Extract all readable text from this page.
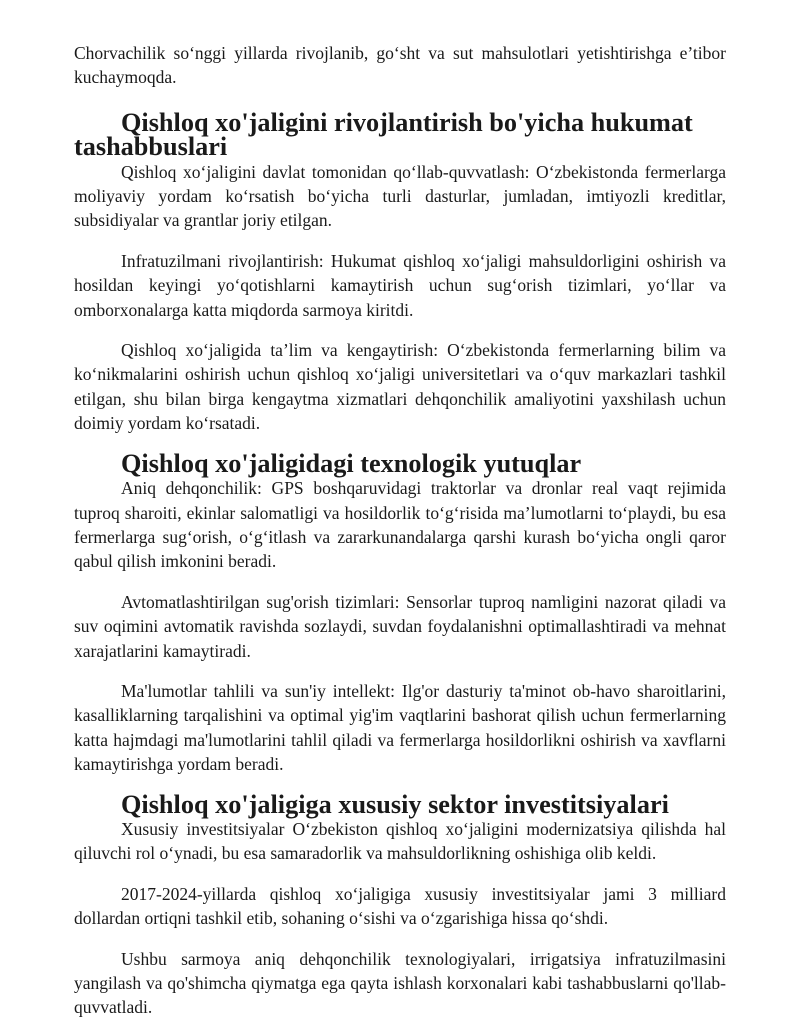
Chorvachilik so‘nggi yillarda rivojlanib, go‘sht va sut mahsulotlari yetishtirishga e’tibor kuchaymoqda.

Qishloq xo'jaligini rivojlantirish bo'yicha hukumat tashabbuslari

Qishloq xo‘jaligini davlat tomonidan qo‘llab-quvvatlash: O‘zbekistonda fermerlarga moliyaviy yordam ko‘rsatish bo‘yicha turli dasturlar, jumladan, imtiyozli kreditlar, subsidiyalar va grantlar joriy etilgan.

Infratuzilmani rivojlantirish: Hukumat qishloq xo‘jaligi mahsuldorligini oshirish va hosildan keyingi yo‘qotishlarni kamaytirish uchun sug‘orish tizimlari, yo‘llar va omborxonalarga katta miqdorda sarmoya kiritdi.

Qishloq xo‘jaligida ta’lim va kengaytirish: O‘zbekistonda fermerlarning bilim va ko‘nikmalarini oshirish uchun qishloq xo‘jaligi universitetlari va o‘quv markazlari tashkil etilgan, shu bilan birga kengaytma xizmatlari dehqonchilik amaliyotini yaxshilash uchun doimiy yordam ko‘rsatadi.

Qishloq xo'jaligidagi texnologik yutuqlar

Aniq dehqonchilik: GPS boshqaruvidagi traktorlar va dronlar real vaqt rejimida tuproq sharoiti, ekinlar salomatligi va hosildorlik to‘g‘risida ma’lumotlarni to‘playdi, bu esa fermerlarga sug‘orish, o‘g‘itlash va zararkunandalarga qarshi kurash bo‘yicha ongli qaror qabul qilish imkonini beradi.

Avtomatlashtirilgan sug'orish tizimlari: Sensorlar tuproq namligini nazorat qiladi va suv oqimini avtomatik ravishda sozlaydi, suvdan foydalanishni optimallashtiradi va mehnat xarajatlarini kamaytiradi.

Ma'lumotlar tahlili va sun'iy intellekt: Ilg'or dasturiy ta'minot ob-havo sharoitlarini, kasalliklarning tarqalishini va optimal yig'im vaqtlarini bashorat qilish uchun fermerlarning katta hajmdagi ma'lumotlarini tahlil qiladi va fermerlarga hosildorlikni oshirish va xavflarni kamaytirishga yordam beradi.

Qishloq xo'jaligiga xususiy sektor investitsiyalari

Xususiy investitsiyalar O‘zbekiston qishloq xo‘jaligini modernizatsiya qilishda hal qiluvchi rol o‘ynadi, bu esa samaradorlik va mahsuldorlikning oshishiga olib keldi.

2017-2024-yillarda qishloq xo‘jaligiga xususiy investitsiyalar jami 3 milliard dollardan ortiqni tashkil etib, sohaning o‘sishi va o‘zgarishiga hissa qo‘shdi.

Ushbu sarmoya aniq dehqonchilik texnologiyalari, irrigatsiya infratuzilmasini yangilash va qo'shimcha qiymatga ega qayta ishlash korxonalari kabi tashabbuslarni qo'llab-quvvatladi.
